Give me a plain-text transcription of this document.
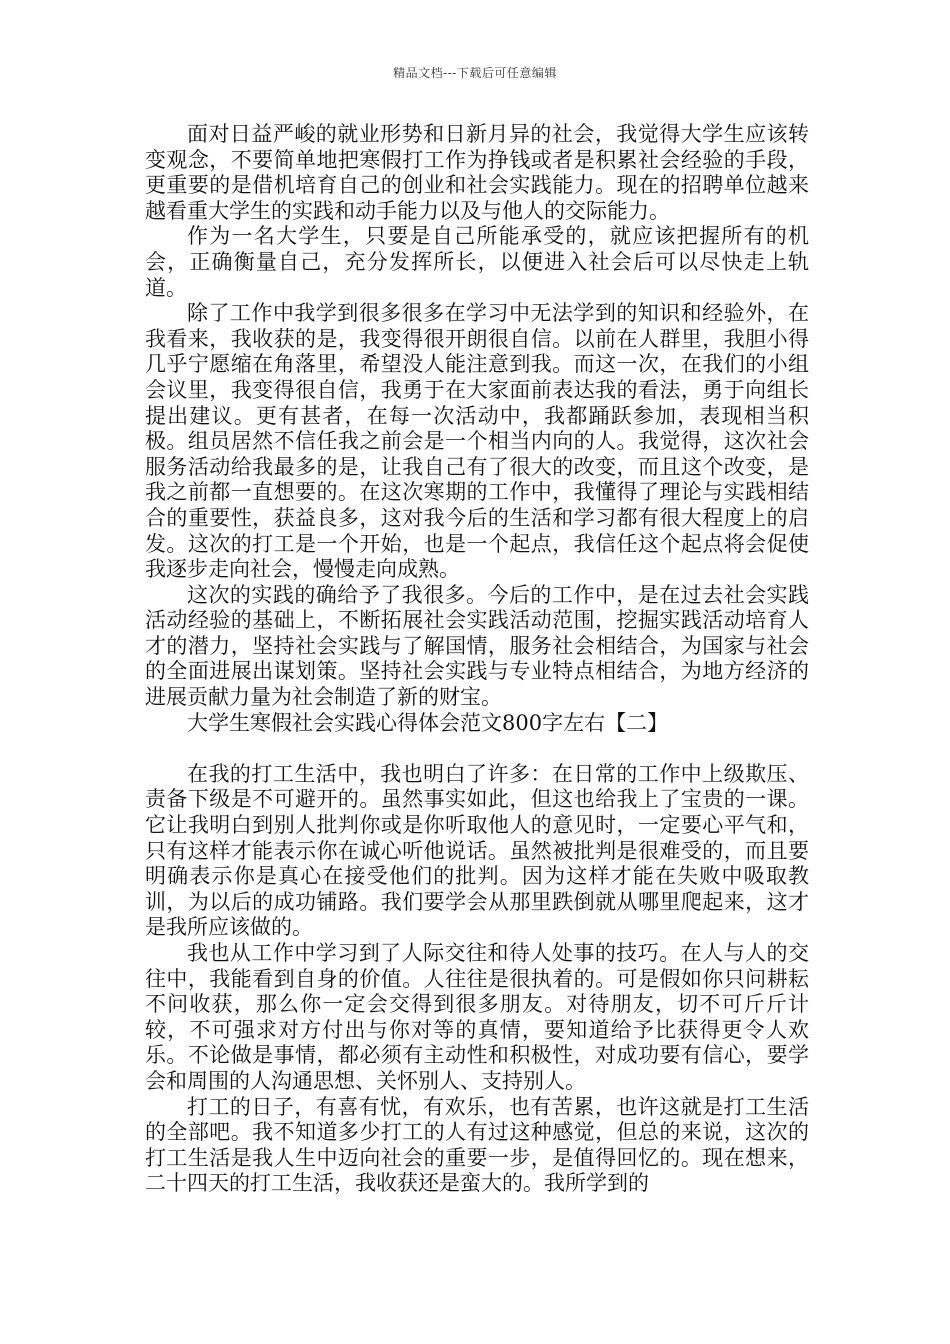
精品文档---下载后可任意编辑

面对日益严峻的就业形势和日新月异的社会，我觉得大学生应该转变观念，不要简单地把寒假打工作为挣钱或者是积累社会经验的手段，更重要的是借机培育自己的创业和社会实践能力。现在的招聘单位越来越看重大学生的实践和动手能力以及与他人的交际能力。

作为一名大学生，只要是自己所能承受的，就应该把握所有的机会，正确衡量自己，充分发挥所长，以便进入社会后可以尽快走上轨道。

除了工作中我学到很多很多在学习中无法学到的知识和经验外，在我看来，我收获的是，我变得很开朗很自信。以前在人群里，我胆小得几乎宁愿缩在角落里，希望没人能注意到我。而这一次，在我们的小组会议里，我变得很自信，我勇于在大家面前表达我的看法，勇于向组长提出建议。更有甚者，在每一次活动中，我都踊跃参加，表现相当积极。组员居然不信任我之前会是一个相当内向的人。我觉得，这次社会服务活动给我最多的是，让我自己有了很大的改变，而且这个改变，是我之前都一直想要的。在这次寒期的工作中，我懂得了理论与实践相结合的重要性，获益良多，这对我今后的生活和学习都有很大程度上的启发。这次的打工是一个开始，也是一个起点，我信任这个起点将会促使我逐步走向社会，慢慢走向成熟。

这次的实践的确给予了我很多。今后的工作中，是在过去社会实践活动经验的基础上，不断拓展社会实践活动范围，挖掘实践活动培育人才的潜力，坚持社会实践与了解国情，服务社会相结合，为国家与社会的全面进展出谋划策。坚持社会实践与专业特点相结合，为地方经济的进展贡献力量为社会制造了新的财宝。

大学生寒假社会实践心得体会范文800字左右【二】

在我的打工生活中，我也明白了许多：在日常的工作中上级欺压、责备下级是不可避开的。虽然事实如此，但这也给我上了宝贵的一课。它让我明白到别人批判你或是你听取他人的意见时，一定要心平气和，只有这样才能表示你在诚心听他说话。虽然被批判是很难受的，而且要明确表示你是真心在接受他们的批判。因为这样才能在失败中吸取教训，为以后的成功铺路。我们要学会从那里跌倒就从哪里爬起来，这才是我所应该做的。

我也从工作中学习到了人际交往和待人处事的技巧。在人与人的交往中，我能看到自身的价值。人往往是很执着的。可是假如你只问耕耘不问收获，那么你一定会交得到很多朋友。对待朋友，切不可斤斤计较，不可强求对方付出与你对等的真情，要知道给予比获得更令人欢乐。不论做是事情，都必须有主动性和积极性，对成功要有信心，要学会和周围的人沟通思想、关怀别人、支持别人。

打工的日子，有喜有忧，有欢乐，也有苦累，也许这就是打工生活的全部吧。我不知道多少打工的人有过这种感觉，但总的来说，这次的打工生活是我人生中迈向社会的重要一步，是值得回忆的。现在想来，二十四天的打工生活，我收获还是蛮大的。我所学到的
